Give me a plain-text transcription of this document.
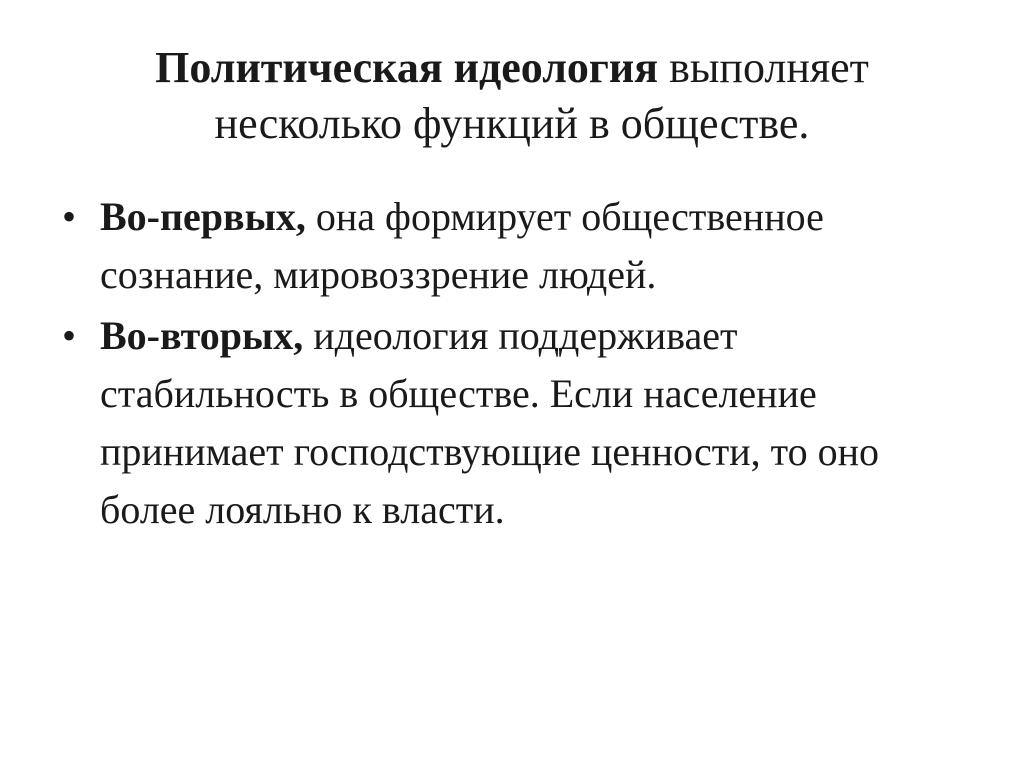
Политическая идеология выполняет несколько функций в обществе.
• Во-первых, она формирует общественное сознание, мировоззрение людей.
• Во-вторых, идеология поддерживает стабильность в обществе. Если население принимает господствующие ценности, то оно более лояльно к власти.
